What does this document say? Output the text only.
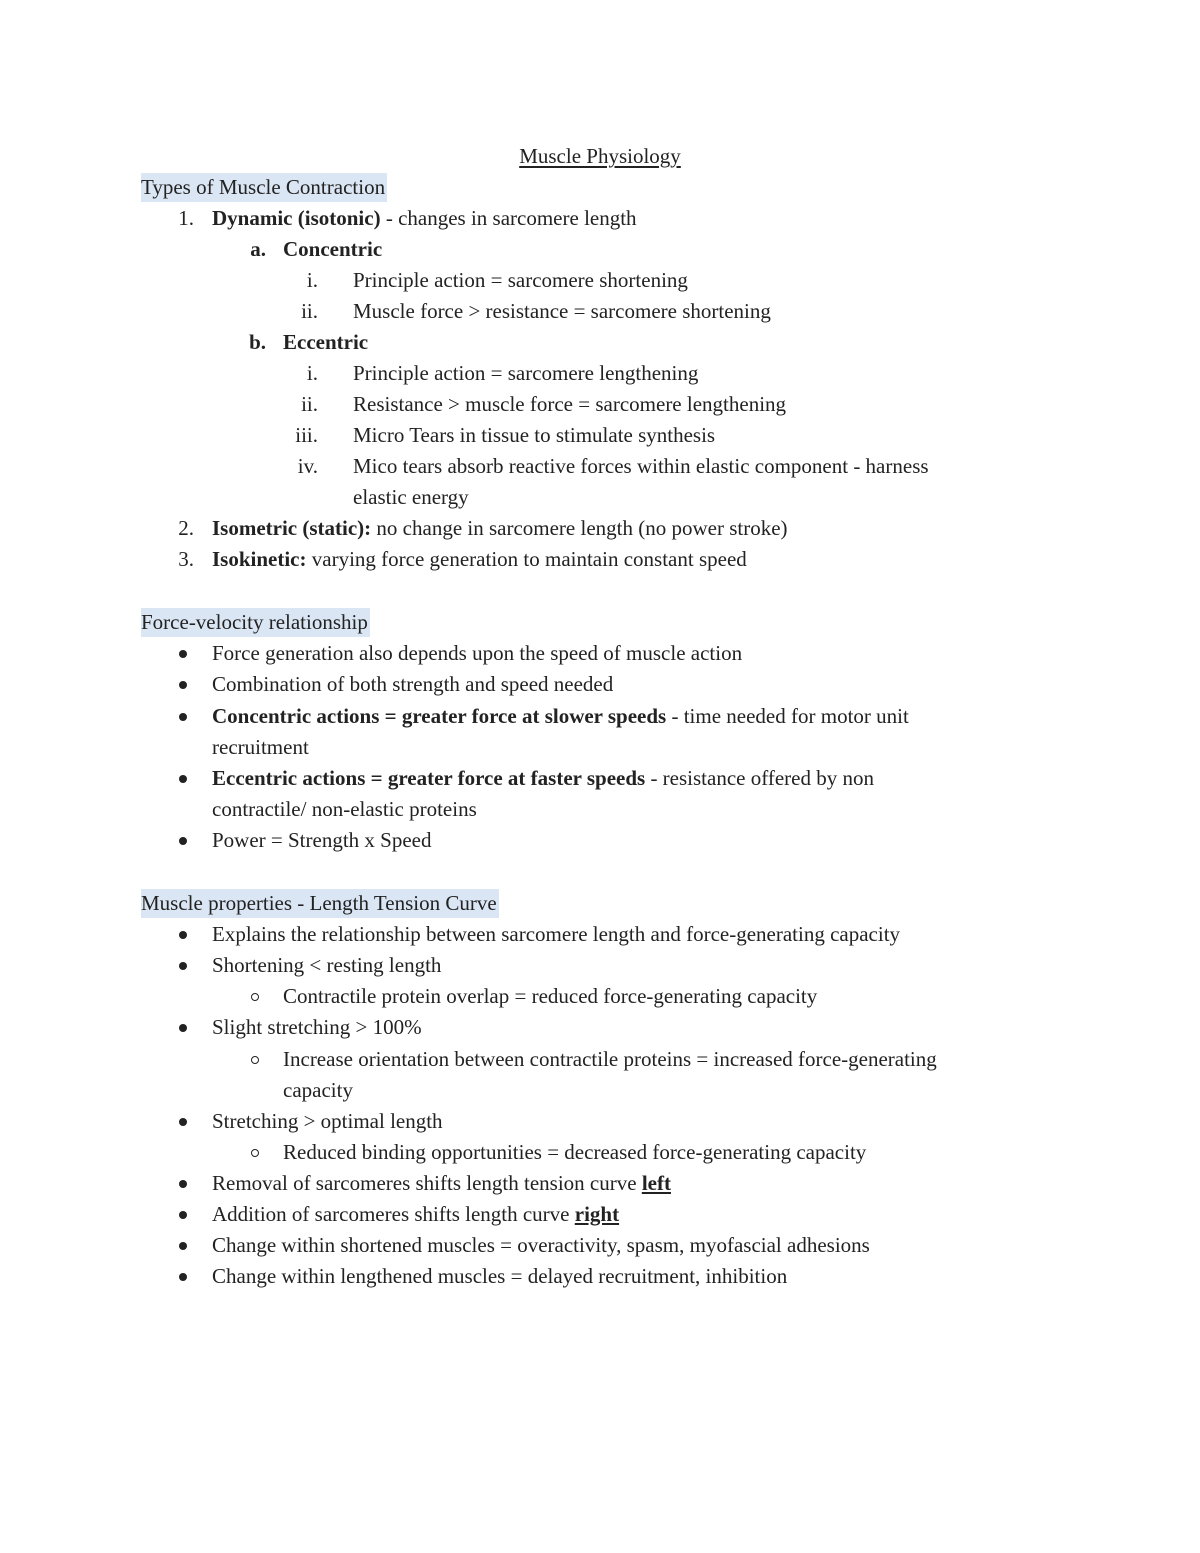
Muscle Physiology
Types of Muscle Contraction
1. Dynamic (isotonic) - changes in sarcomere length
a. Concentric
i. Principle action = sarcomere shortening
ii. Muscle force > resistance = sarcomere shortening
b. Eccentric
i. Principle action = sarcomere lengthening
ii. Resistance > muscle force = sarcomere lengthening
iii. Micro Tears in tissue to stimulate synthesis
iv. Mico tears absorb reactive forces within elastic component - harness
elastic energy
2. Isometric (static): no change in sarcomere length (no power stroke)
3. Isokinetic: varying force generation to maintain constant speed
Force-velocity relationship
Force generation also depends upon the speed of muscle action
Combination of both strength and speed needed
Concentric actions = greater force at slower speeds - time needed for motor unit
recruitment
Eccentric actions = greater force at faster speeds - resistance offered by non
contractile/ non-elastic proteins
Power = Strength x Speed
Muscle properties - Length Tension Curve
Explains the relationship between sarcomere length and force-generating capacity
Shortening < resting length
Contractile protein overlap = reduced force-generating capacity
Slight stretching > 100%
Increase orientation between contractile proteins = increased force-generating
capacity
Stretching > optimal length
Reduced binding opportunities = decreased force-generating capacity
Removal of sarcomeres shifts length tension curve left
Addition of sarcomeres shifts length curve right
Change within shortened muscles = overactivity, spasm, myofascial adhesions
Change within lengthened muscles = delayed recruitment, inhibition
